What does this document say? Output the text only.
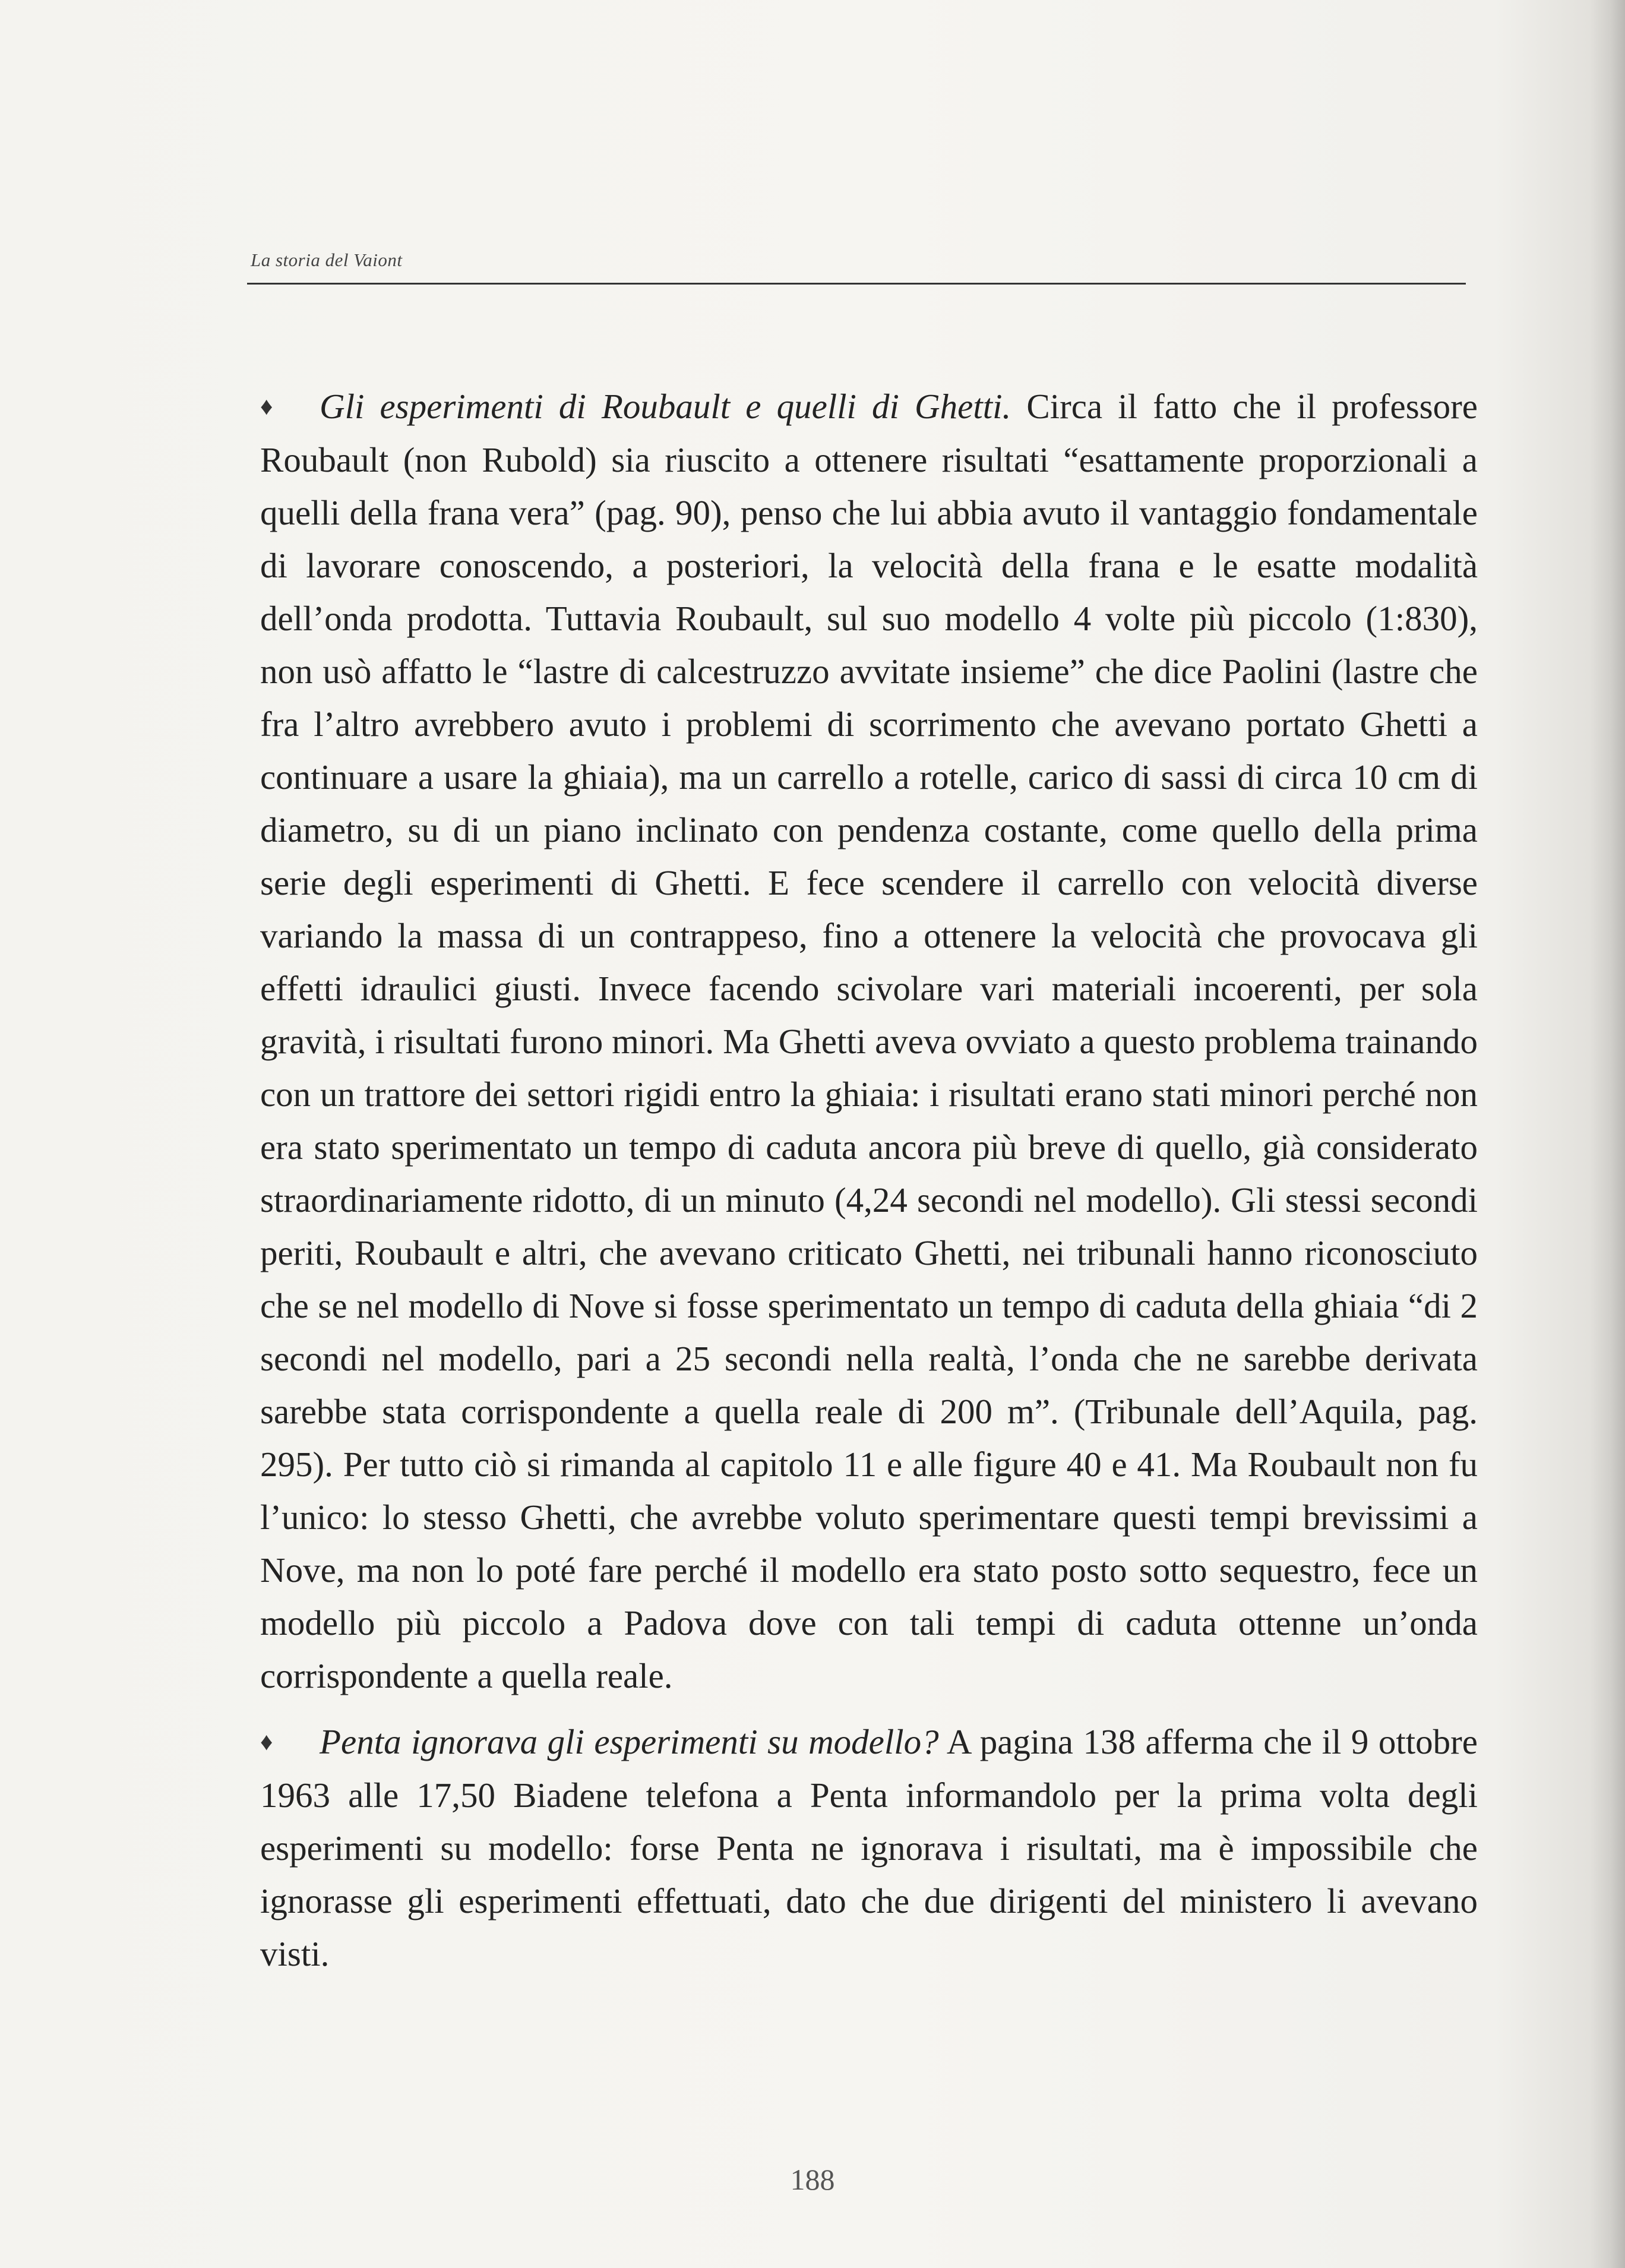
La storia del Vaiont

♦ Gli esperimenti di Roubault e quelli di Ghetti. Circa il fatto che il professore Roubault (non Rubold) sia riuscito a ottenere risultati “esattamente proporzionali a quelli della frana vera” (pag. 90), penso che lui abbia avuto il vantaggio fondamentale di lavorare conoscendo, a posteriori, la velocità della frana e le esatte modalità dell’onda prodotta. Tuttavia Roubault, sul suo modello 4 volte più piccolo (1:830), non usò affatto le “lastre di calcestruzzo avvitate insieme” che dice Paolini (lastre che fra l’altro avrebbero avuto i problemi di scorrimento che avevano portato Ghetti a continuare a usare la ghiaia), ma un carrello a rotelle, carico di sassi di circa 10 cm di diametro, su di un piano inclinato con pendenza costante, come quello della prima serie degli esperimenti di Ghetti. E fece scendere il carrello con velocità diverse variando la massa di un contrappeso, fino a ottenere la velocità che provocava gli effetti idraulici giusti. Invece facendo scivolare vari materiali incoerenti, per sola gravità, i risultati furono minori. Ma Ghetti aveva ovviato a questo problema trainando con un trattore dei settori rigidi entro la ghiaia: i risultati erano stati minori perché non era stato sperimentato un tempo di caduta ancora più breve di quello, già considerato straordinariamente ridotto, di un minuto (4,24 secondi nel modello). Gli stessi secondi periti, Roubault e altri, che avevano criticato Ghetti, nei tribunali hanno riconosciuto che se nel modello di Nove si fosse sperimentato un tempo di caduta della ghiaia “di 2 secondi nel modello, pari a 25 secondi nella realtà, l’onda che ne sarebbe derivata sarebbe stata corrispondente a quella reale di 200 m”. (Tribunale dell’Aquila, pag. 295). Per tutto ciò si rimanda al capitolo 11 e alle figure 40 e 41. Ma Roubault non fu l’unico: lo stesso Ghetti, che avrebbe voluto sperimentare questi tempi brevissimi a Nove, ma non lo poté fare perché il modello era stato posto sotto sequestro, fece un modello più piccolo a Padova dove con tali tempi di caduta ottenne un’onda corrispondente a quella reale.

♦ Penta ignorava gli esperimenti su modello? A pagina 138 afferma che il 9 ottobre 1963 alle 17,50 Biadene telefona a Penta informandolo per la prima volta degli esperimenti su modello: forse Penta ne ignorava i risultati, ma è impossibile che ignorasse gli esperimenti effettuati, dato che due dirigenti del ministero li avevano visti.

188
